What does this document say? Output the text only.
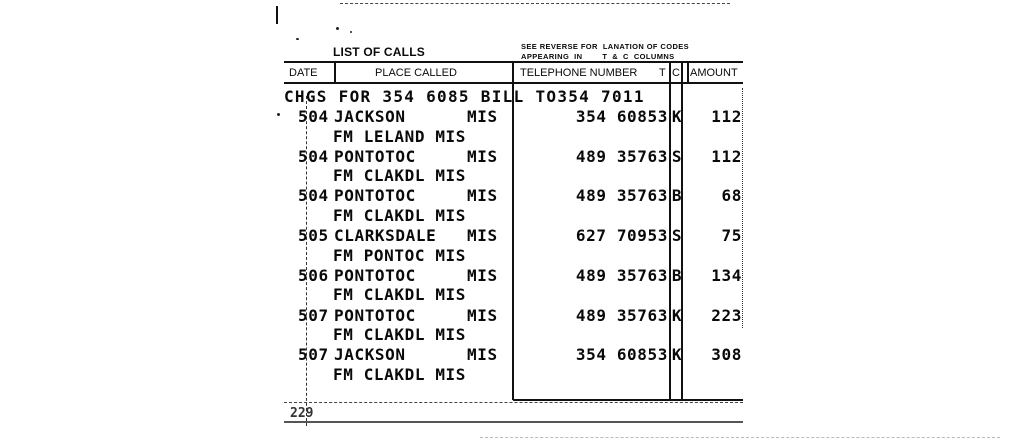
LIST OF CALLS	SEE REVERSE FOR  LANATION OF CODES
APPEARING  IN        T  &  C  COLUMNS
DATE	PLACE CALLED	TELEPHONE NUMBER T C AMOUNT
CHGS FOR 354 6085 BILL TO354 7011
504 JACKSON	MIS	354 60853 K	112
FM LELAND MIS
504 PONTOTOC	MIS	489 35763 S	112
FM CLAKDL MIS
504 PONTOTOC	MIS	489 35763 B	68
FM CLAKDL MIS
505 CLARKSDALE MIS	627 70953 S	75
FM PONTOC MIS
506 PONTOTOC	MIS	489 35763 B	134
FM CLAKDL MIS
507 PONTOTOC	MIS	489 35763 K	223
FM CLAKDL MIS
507 JACKSON	MIS	354 60853 K	308
FM CLAKDL MIS
229
